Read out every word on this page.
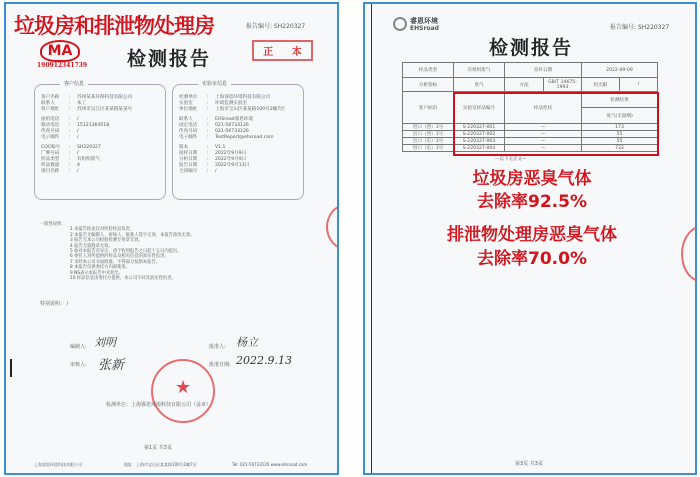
垃圾房和排泄物处理房	报告编号: SH220327
MA
190912341739 检测报告	正 本
客户信息
客户名称	:	苏州某某环保科技有限公司
联系人	:	朱工
客户地址	:	苏州市吴江区某某路某某号
座机电话	:	/
移动电话	:	15121364518
传真号码	:	/
电子邮件	:	/
COC编号	:	SH220327
厂牌号码	:	/
样品类型	:	有组织废气
样品数量	:	4
项目名称	:	/
实验室信息
检测单位	:	上海睿恩环境科技有限公司
实验室	:	环境监测实验室
单位地址	:	上海市宝山区某某路100号2幢7层
联系人	:	EHSroad睿恩环境
固定电话	:	021-56733126
传真号码	:	021-56733126
电子邮件	:	TestReport@ehsroad.com
版本	:	V1.1
接样日期	:	2022年9月9日
分析日期	:	2022年9月9日
报告日期	:	2022年9月13日
合同编号	:	/
一般性说明：
1 本报告结论仅对所检样品负责。
2 本报告无编制人、审核人、批准人签字无效，本报告涂改无效。
3 报告无本公司检验检测专用章无效。
4 报告无骑缝章无效。
5 如对本报告有异议，请于收到报告之日起十五日内提出。
6 委托人对所提供的样品及相关信息的真实性负责。
7 未经本公司书面批准，不得部分复制本报告。
8 本报告仅供委托方内部使用。
9 NS表示本报告中未检出。
10 样品信息由委托方提供，本公司不对其真实性负责。
特别说明： /
编制人: 刘明
审核人: 张新
批准人: 杨立
批准日期: 2022.9.13
★
检测单位：上海睿恩环境科技有限公司（盖章）
第1页 共3页
上海睿恩环境科技有限公司	地址：上海市宝山区某某路100号2幢7层	Tel: 021-56733126 www.ehsroad.com
睿恩环境
EHSroad	报告编号: SH220327
检测报告
样品类型	有组织废气	采样日期		2022-09-09	
分析指标	臭气	方法	GB/T 14675-1993	检出限	/
客户标识	实验室样品编号	样品性状		检测结果	
				臭气(无量纲)	
进口（西）1号	S-220327-001	—		173	
出口（西）1号	S-220327-002	—		55	
出口（东）1号	S-220327-003	—		55	
进口（东）1号	S-220327-004	—		732	
—以下无正文—
垃圾房恶臭气体
去除率92.5%
排泄物处理房恶臭气体
去除率70.0%
第3页 共3页
